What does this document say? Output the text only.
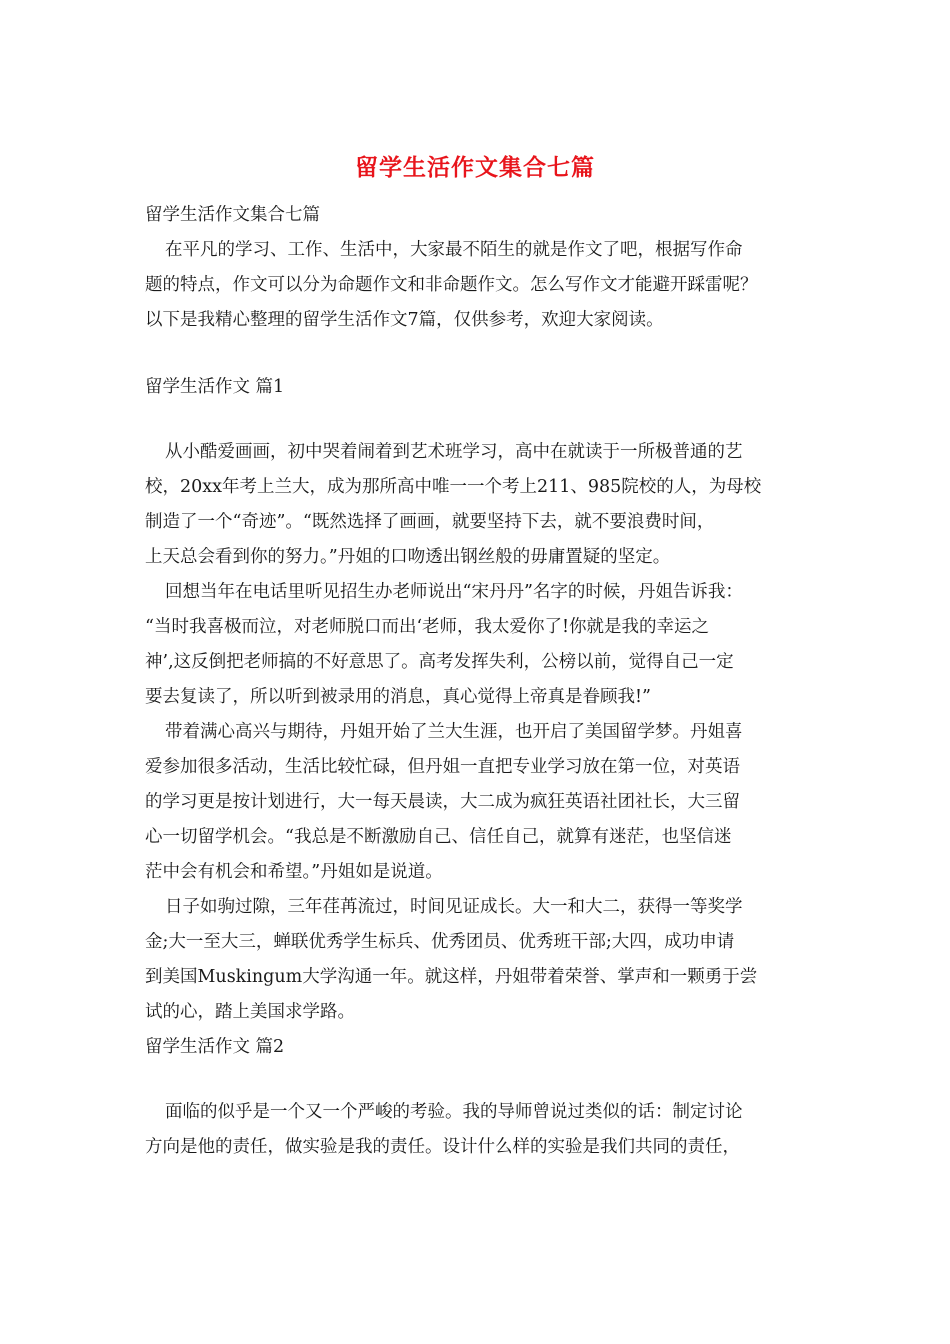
留学生活作文集合七篇
留学生活作文集合七篇
在平凡的学习、工作、生活中，大家最不陌生的就是作文了吧，根据写作命
题的特点，作文可以分为命题作文和非命题作文。怎么写作文才能避开踩雷呢？
以下是我精心整理的留学生活作文7篇，仅供参考，欢迎大家阅读。
留学生活作文 篇1
从小酷爱画画，初中哭着闹着到艺术班学习，高中在就读于一所极普通的艺
校，20xx年考上兰大，成为那所高中唯一一个考上211、985院校的人，为母校
制造了一个“奇迹”。“既然选择了画画，就要坚持下去，就不要浪费时间，
上天总会看到你的努力。”丹姐的口吻透出钢丝般的毋庸置疑的坚定。
回想当年在电话里听见招生办老师说出“宋丹丹”名字的时候，丹姐告诉我：
“当时我喜极而泣，对老师脱口而出‘老师，我太爱你了!你就是我的幸运之
神’,这反倒把老师搞的不好意思了。高考发挥失利，公榜以前，觉得自己一定
要去复读了，所以听到被录用的消息，真心觉得上帝真是眷顾我!”
带着满心高兴与期待，丹姐开始了兰大生涯，也开启了美国留学梦。丹姐喜
爱参加很多活动，生活比较忙碌，但丹姐一直把专业学习放在第一位，对英语
的学习更是按计划进行，大一每天晨读，大二成为疯狂英语社团社长，大三留
心一切留学机会。“我总是不断激励自己、信任自己，就算有迷茫，也坚信迷
茫中会有机会和希望。”丹姐如是说道。
日子如驹过隙，三年荏苒流过，时间见证成长。大一和大二，获得一等奖学
金;大一至大三，蝉联优秀学生标兵、优秀团员、优秀班干部;大四，成功申请
到美国Muskingum大学沟通一年。就这样，丹姐带着荣誉、掌声和一颗勇于尝
试的心，踏上美国求学路。
留学生活作文 篇2
面临的似乎是一个又一个严峻的考验。我的导师曾说过类似的话：制定讨论
方向是他的责任，做实验是我的责任。设计什么样的实验是我们共同的责任，
